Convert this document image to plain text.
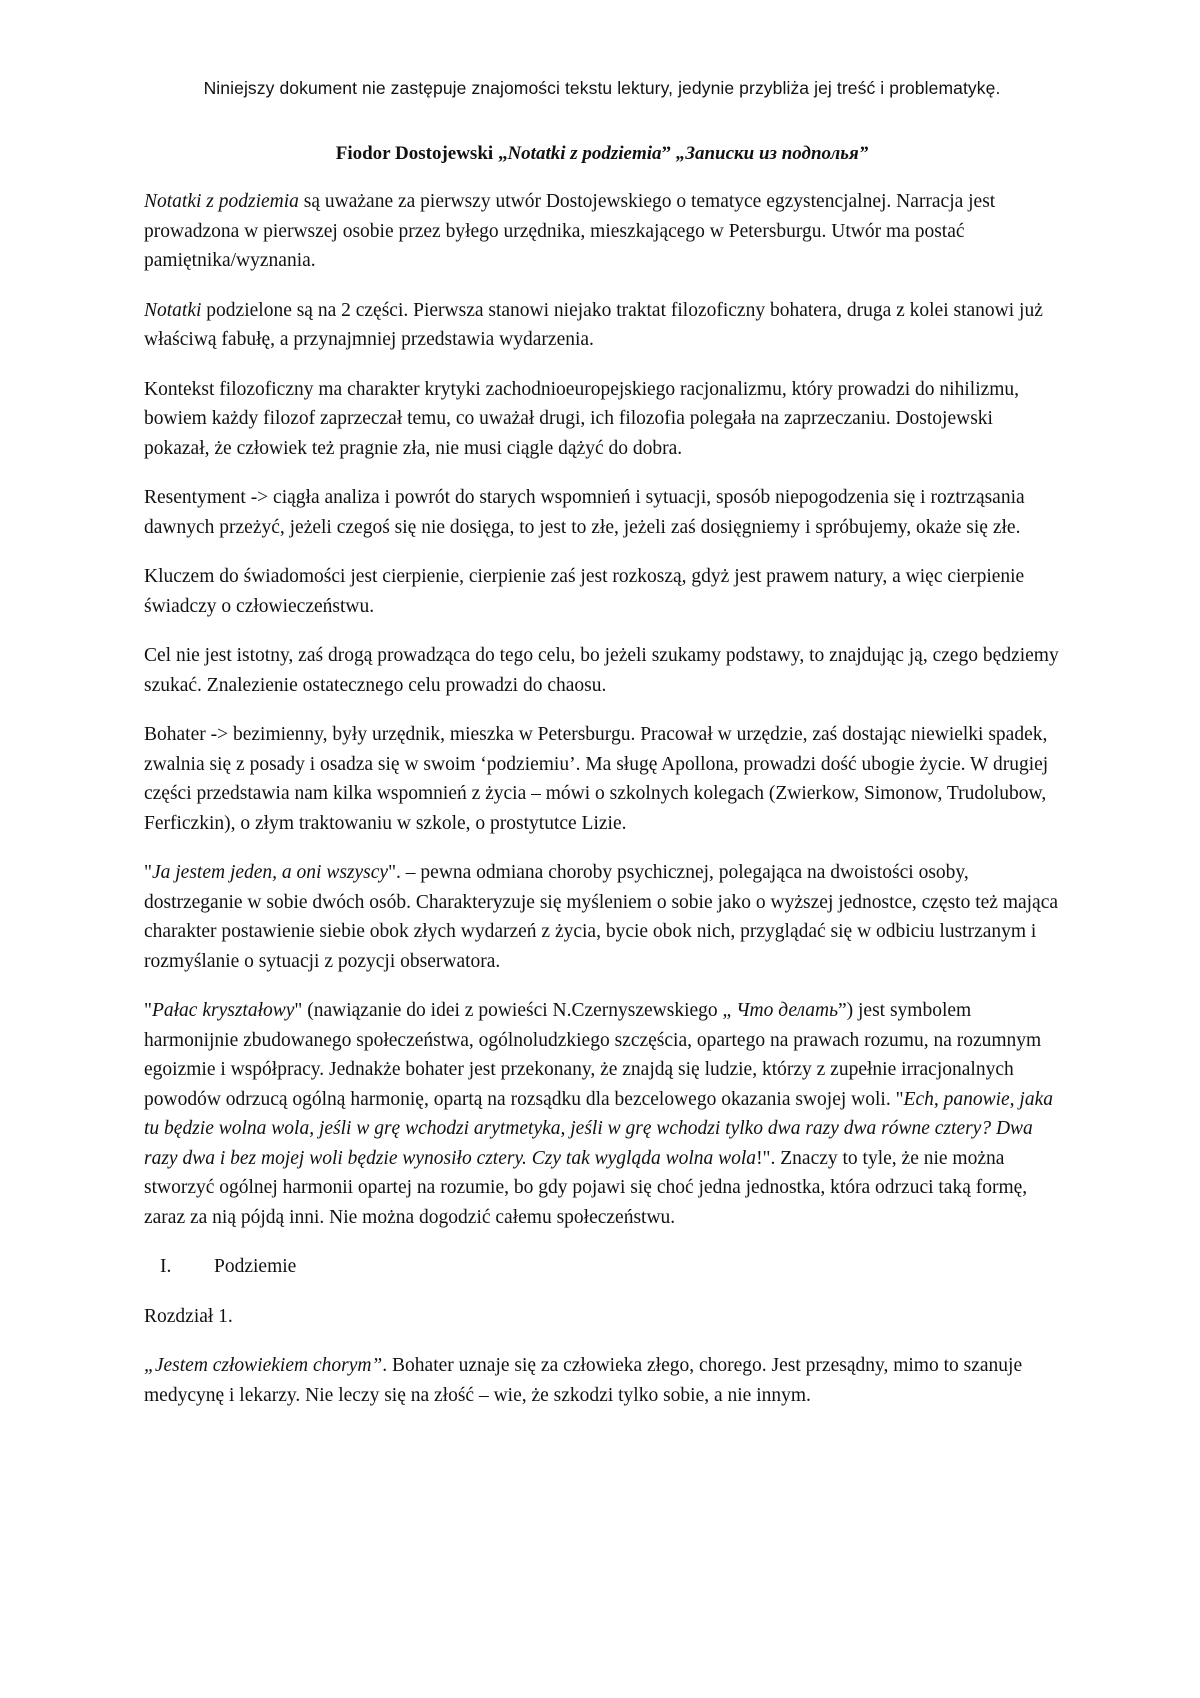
Niniejszy dokument nie zastępuje znajomości tekstu lektury, jedynie przybliża jej treść i problematykę.

Fiodor Dostojewski „Notatki z podziemia” „Записки из подполья”

Notatki z podziemia są uważane za pierwszy utwór Dostojewskiego o tematyce egzystencjalnej. Narracja jest prowadzona w pierwszej osobie przez byłego urzędnika, mieszkającego w Petersburgu. Utwór ma postać pamiętnika/wyznania.

Notatki podzielone są na 2 części. Pierwsza stanowi niejako traktat filozoficzny bohatera, druga z kolei stanowi już właściwą fabułę, a przynajmniej przedstawia wydarzenia.

Kontekst filozoficzny ma charakter krytyki zachodnioeuropejskiego racjonalizmu, który prowadzi do nihilizmu, bowiem każdy filozof zaprzeczał temu, co uważał drugi, ich filozofia polegała na zaprzeczaniu. Dostojewski pokazał, że człowiek też pragnie zła, nie musi ciągle dążyć do dobra.

Resentyment -> ciągła analiza i powrót do starych wspomnień i sytuacji, sposób niepogodzenia się i roztrząsania dawnych przeżyć, jeżeli czegoś się nie dosięga, to jest to złe, jeżeli zaś dosięgniemy i spróbujemy, okaże się złe.

Kluczem do świadomości jest cierpienie, cierpienie zaś jest rozkoszą, gdyż jest prawem natury, a więc cierpienie świadczy o człowieczeństwu.

Cel nie jest istotny, zaś drogą prowadząca do tego celu, bo jeżeli szukamy podstawy, to znajdując ją, czego będziemy szukać. Znalezienie ostatecznego celu prowadzi do chaosu.

Bohater -> bezimienny, były urzędnik, mieszka w Petersburgu. Pracował w urzędzie, zaś dostając niewielki spadek, zwalnia się z posady i osadza się w swoim ‘podziemiu’. Ma sługę Apollona, prowadzi dość ubogie życie. W drugiej części przedstawia nam kilka wspomnień z życia – mówi o szkolnych kolegach (Zwierkow, Simonow, Trudolubow, Ferficzkin), o złym traktowaniu w szkole, o prostytutce Lizie.

"Ja jestem jeden, a oni wszyscy". – pewna odmiana choroby psychicznej, polegająca na dwoistości osoby, dostrzeganie w sobie dwóch osób. Charakteryzuje się myśleniem o sobie jako o wyższej jednostce, często też mająca charakter postawienie siebie obok złych wydarzeń z życia, bycie obok nich, przyglądać się w odbiciu lustrzanym i rozmyślanie o sytuacji z pozycji obserwatora.

"Pałac kryształowy" (nawiązanie do idei z powieści N.Czernyszewskiego „ Что делать”) jest symbolem harmonijnie zbudowanego społeczeństwa, ogólnoludzkiego szczęścia, opartego na prawach rozumu, na rozumnym egoizmie i współpracy. Jednakże bohater jest przekonany, że znajdą się ludzie, którzy z zupełnie irracjonalnych powodów odrzucą ogólną harmonię, opartą na rozsądku dla bezcelowego okazania swojej woli. "Ech, panowie, jaka tu będzie wolna wola, jeśli w grę wchodzi arytmetyka, jeśli w grę wchodzi tylko dwa razy dwa równe cztery? Dwa razy dwa i bez mojej woli będzie wynosiło cztery. Czy tak wygląda wolna wola!". Znaczy to tyle, że nie można stworzyć ogólnej harmonii opartej na rozumie, bo gdy pojawi się choć jedna jednostka, która odrzuci taką formę, zaraz za nią pójdą inni. Nie można dogodzić całemu społeczeństwu.

I.	Podziemie

Rozdział 1.

„Jestem człowiekiem chorym”. Bohater uznaje się za człowieka złego, chorego. Jest przesądny, mimo to szanuje medycynę i lekarzy. Nie leczy się na złość – wie, że szkodzi tylko sobie, a nie innym.
